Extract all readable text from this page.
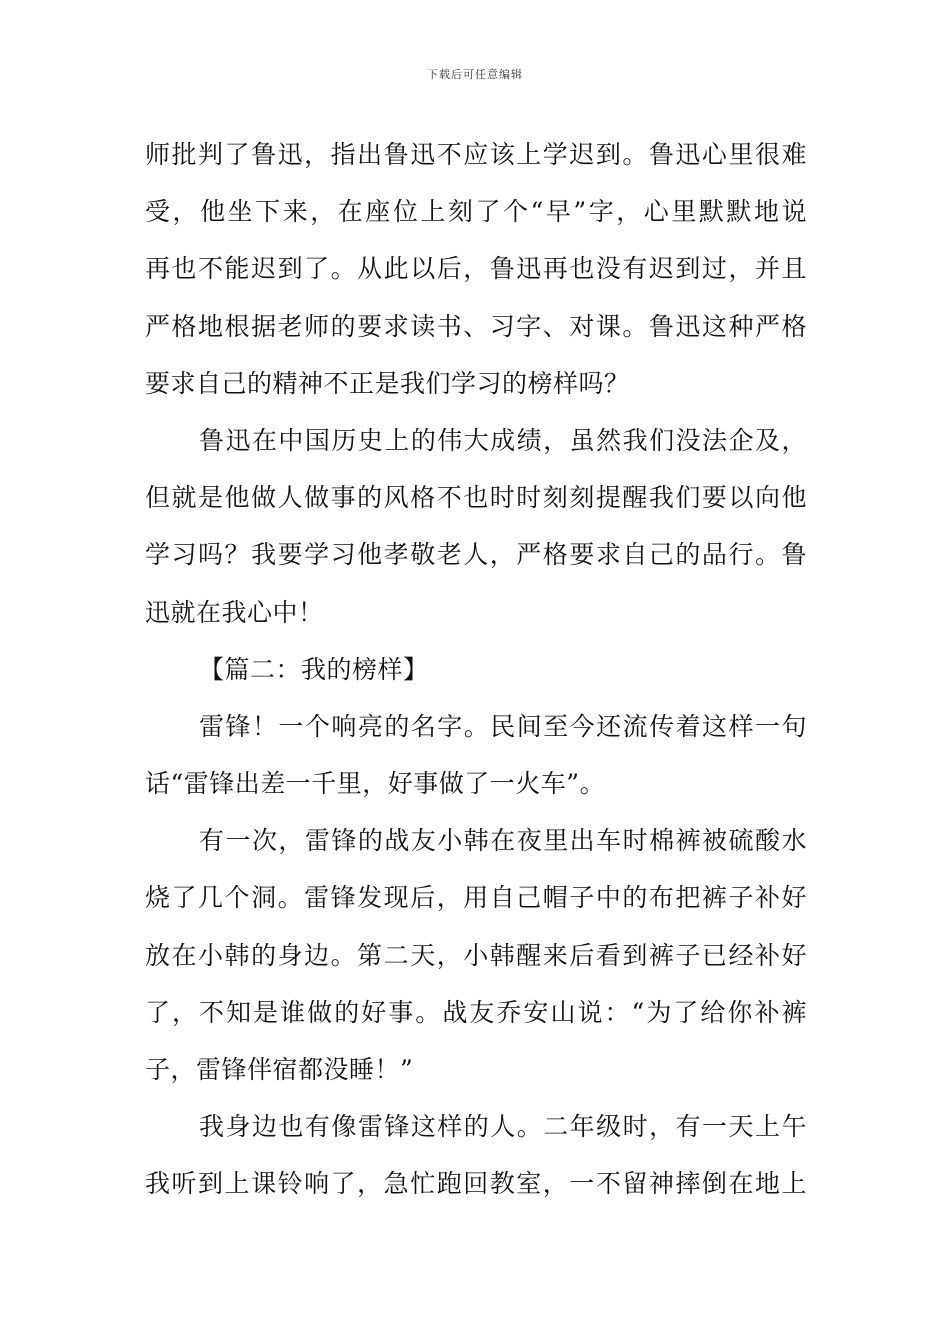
下载后可任意编辑
师批判了鲁迅，指出鲁迅不应该上学迟到。鲁迅心里很难
受，他坐下来，在座位上刻了个“早”字，心里默默地说
再也不能迟到了。从此以后，鲁迅再也没有迟到过，并且
严格地根据老师的要求读书、习字、对课。鲁迅这种严格
要求自己的精神不正是我们学习的榜样吗？
鲁迅在中国历史上的伟大成绩，虽然我们没法企及，
但就是他做人做事的风格不也时时刻刻提醒我们要以向他
学习吗？我要学习他孝敬老人，严格要求自己的品行。鲁
迅就在我心中！
【篇二：我的榜样】
雷锋！一个响亮的名字。民间至今还流传着这样一句
话“雷锋出差一千里，好事做了一火车”。
有一次，雷锋的战友小韩在夜里出车时棉裤被硫酸水
烧了几个洞。雷锋发现后，用自己帽子中的布把裤子补好
放在小韩的身边。第二天，小韩醒来后看到裤子已经补好
了，不知是谁做的好事。战友乔安山说：“为了给你补裤
子，雷锋伴宿都没睡！”
我身边也有像雷锋这样的人。二年级时，有一天上午
我听到上课铃响了，急忙跑回教室，一不留神摔倒在地上
